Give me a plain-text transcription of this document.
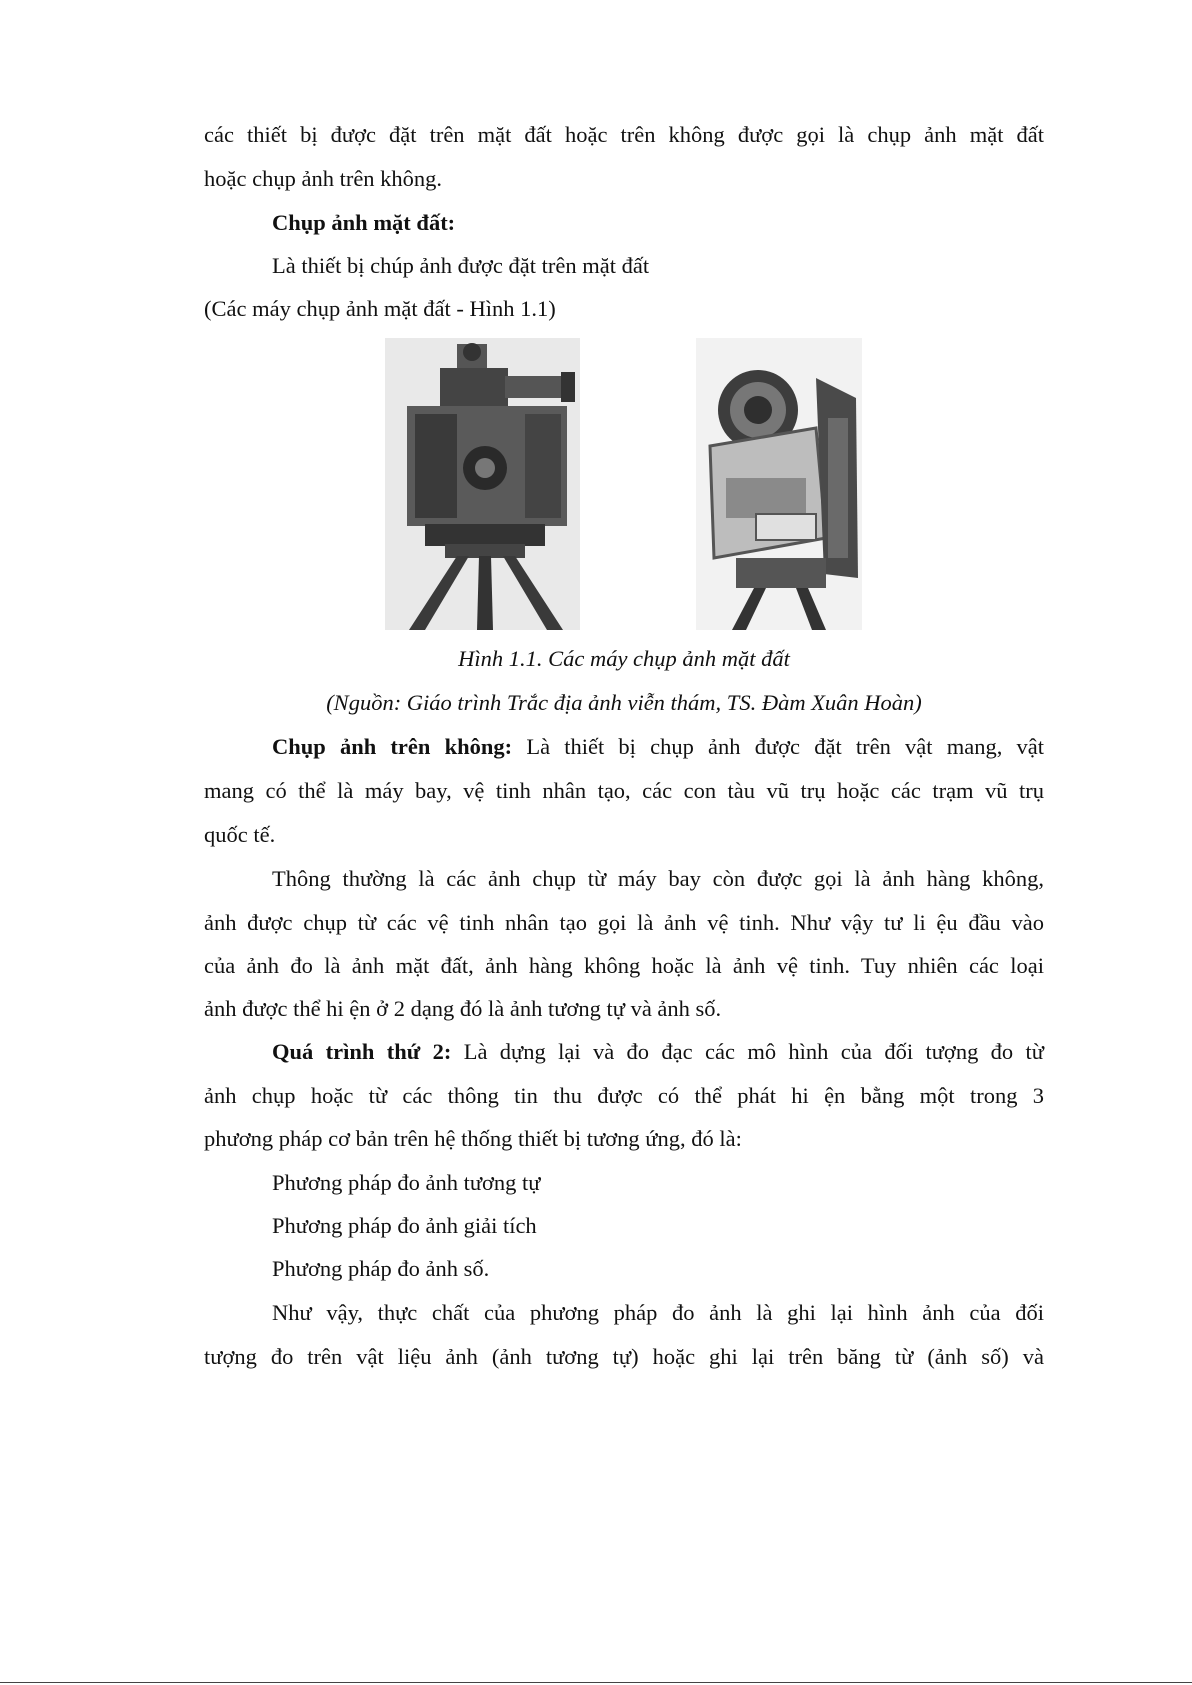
các thiết bị được đặt trên mặt đất hoặc trên không được gọi là chụp ảnh mặt đất
hoặc chụp ảnh trên không.
Chụp ảnh mặt đất:
Là thiết bị chúp ảnh được đặt trên mặt đất
(Các máy chụp ảnh mặt đất - Hình 1.1)
Hình 1.1. Các máy chụp ảnh mặt đất
(Nguồn: Giáo trình Trắc địa ảnh viễn thám, TS. Đàm Xuân Hoàn)
Chụp ảnh trên không: Là thiết bị chụp ảnh được đặt trên vật mang, vật
mang có thể là máy bay, vệ tinh nhân tạo, các con tàu vũ trụ hoặc các trạm vũ trụ
quốc tế.
Thông thường là các ảnh chụp từ máy bay còn được gọi là ảnh hàng không,
ảnh được chụp từ các vệ tinh nhân tạo gọi là ảnh vệ tinh. Như vậy tư li ệu đầu vào
của ảnh đo là ảnh mặt đất, ảnh hàng không hoặc là ảnh vệ tinh. Tuy nhiên các loại
ảnh được thể hi ện ở 2 dạng đó là ảnh tương tự và ảnh số.
Quá trình thứ 2: Là dựng lại và đo đạc các mô hình của đối tượng đo từ
ảnh chụp hoặc từ các thông tin thu được có thể phát hi ện bằng một trong 3
phương pháp cơ bản trên hệ thống thiết bị tương ứng, đó là:
Phương pháp đo ảnh tương tự
Phương pháp đo ảnh giải tích
Phương pháp đo ảnh số.
Như vậy, thực chất của phương pháp đo ảnh là ghi lại hình ảnh của đối
tượng đo trên vật liệu ảnh (ảnh tương tự) hoặc ghi lại trên băng từ (ảnh số) và
